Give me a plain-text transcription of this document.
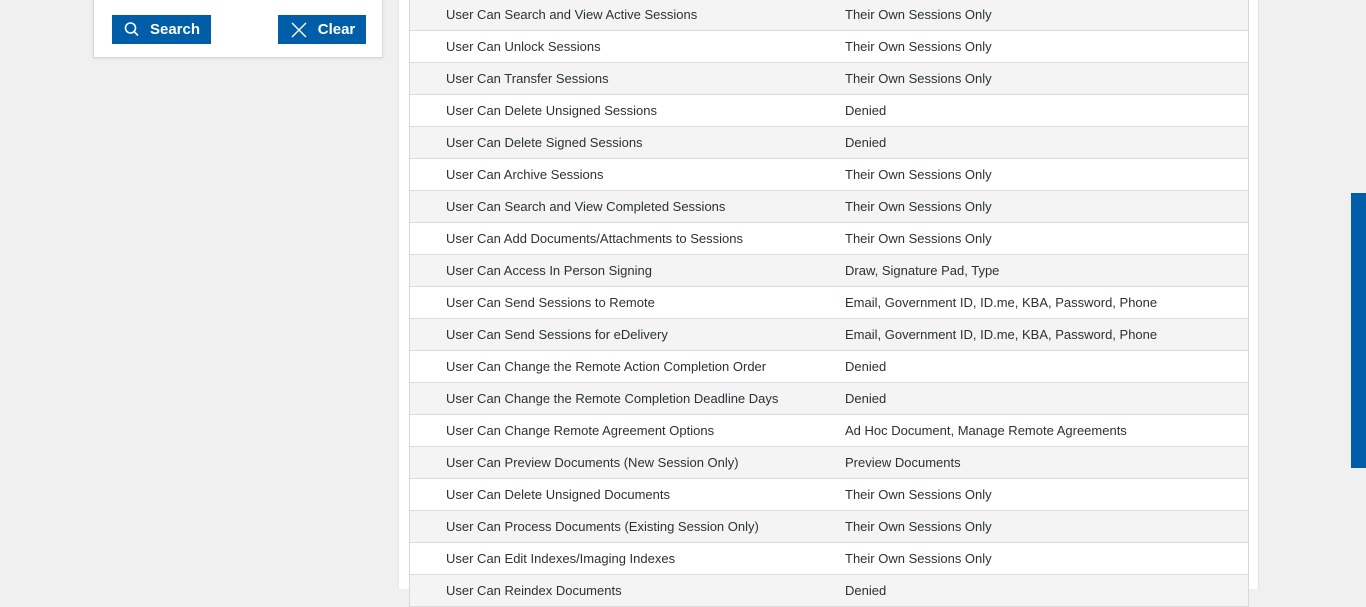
Search	Clear
User Can Search and View Active Sessions	Their Own Sessions Only
User Can Unlock Sessions	Their Own Sessions Only
User Can Transfer Sessions	Their Own Sessions Only
User Can Delete Unsigned Sessions	Denied
User Can Delete Signed Sessions	Denied
User Can Archive Sessions	Their Own Sessions Only
User Can Search and View Completed Sessions	Their Own Sessions Only
User Can Add Documents/Attachments to Sessions	Their Own Sessions Only
User Can Access In Person Signing	Draw, Signature Pad, Type
User Can Send Sessions to Remote	Email, Government ID, ID.me, KBA, Password, Phone
User Can Send Sessions for eDelivery	Email, Government ID, ID.me, KBA, Password, Phone
User Can Change the Remote Action Completion Order	Denied
User Can Change the Remote Completion Deadline Days	Denied
User Can Change Remote Agreement Options	Ad Hoc Document, Manage Remote Agreements
User Can Preview Documents (New Session Only)	Preview Documents
User Can Delete Unsigned Documents	Their Own Sessions Only
User Can Process Documents (Existing Session Only)	Their Own Sessions Only
User Can Edit Indexes/Imaging Indexes	Their Own Sessions Only
User Can Reindex Documents	Denied
